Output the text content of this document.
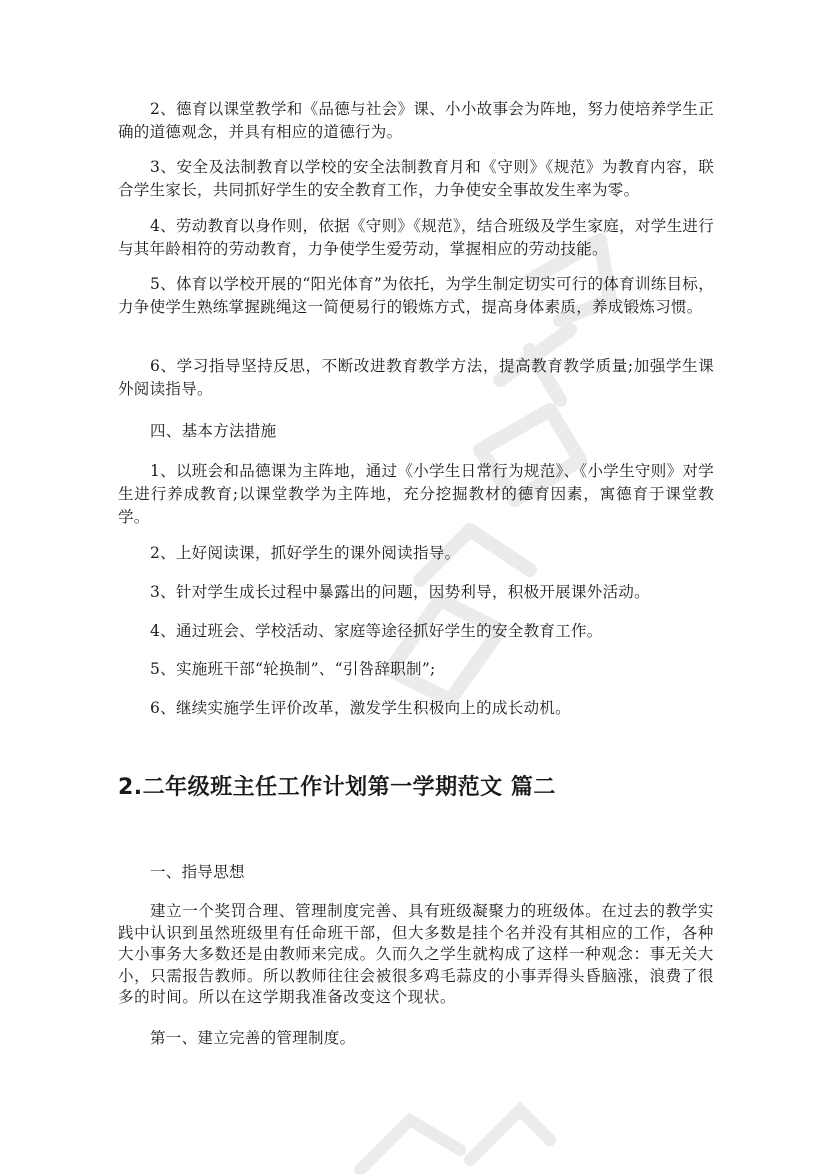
2、德育以课堂教学和《品德与社会》课、小小故事会为阵地，努力使培养学生正确的道德观念，并具有相应的道德行为。

3、安全及法制教育以学校的安全法制教育月和《守则》《规范》为教育内容，联合学生家长，共同抓好学生的安全教育工作，力争使安全事故发生率为零。

4、劳动教育以身作则，依据《守则》《规范》，结合班级及学生家庭，对学生进行与其年龄相符的劳动教育，力争使学生爱劳动，掌握相应的劳动技能。

5、体育以学校开展的“阳光体育”为依托，为学生制定切实可行的体育训练目标，力争使学生熟练掌握跳绳这一简便易行的锻炼方式，提高身体素质，养成锻炼习惯。

6、学习指导坚持反思，不断改进教育教学方法，提高教育教学质量;加强学生课外阅读指导。

四、基本方法措施

1、以班会和品德课为主阵地，通过《小学生日常行为规范》、《小学生守则》对学生进行养成教育;以课堂教学为主阵地，充分挖掘教材的德育因素，寓德育于课堂教学。

2、上好阅读课，抓好学生的课外阅读指导。

3、针对学生成长过程中暴露出的问题，因势利导，积极开展课外活动。

4、通过班会、学校活动、家庭等途径抓好学生的安全教育工作。

5、实施班干部“轮换制”、“引咎辞职制”;

6、继续实施学生评价改革，激发学生积极向上的成长动机。

2.二年级班主任工作计划第一学期范文 篇二

一、指导思想

建立一个奖罚合理、管理制度完善、具有班级凝聚力的班级体。在过去的教学实践中认识到虽然班级里有任命班干部，但大多数是挂个名并没有其相应的工作，各种大小事务大多数还是由教师来完成。久而久之学生就构成了这样一种观念：事无关大小，只需报告教师。所以教师往往会被很多鸡毛蒜皮的小事弄得头昏脑涨，浪费了很多的时间。所以在这学期我准备改变这个现状。

第一、建立完善的管理制度。
